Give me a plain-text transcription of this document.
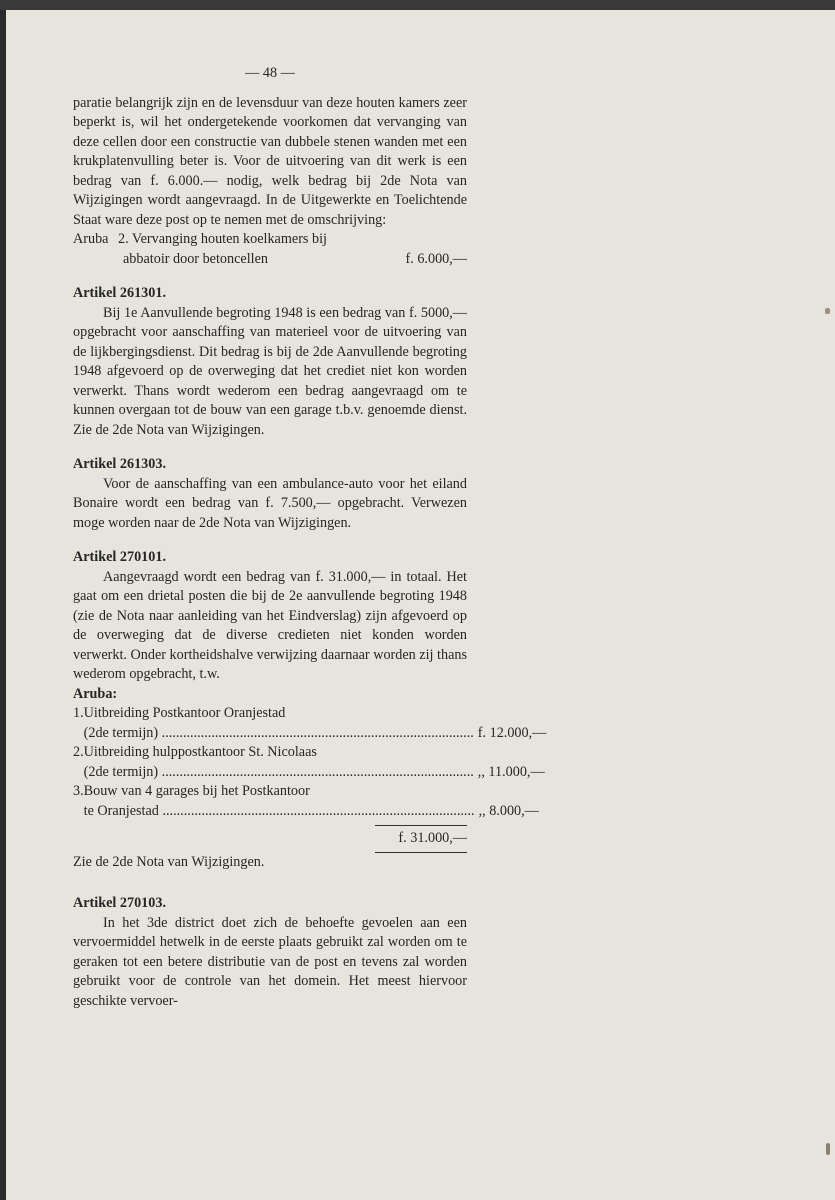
— 48 —

paratie belangrijk zijn en de levensduur van deze houten kamers zeer beperkt is, wil het ondergetekende voorkomen dat vervanging van deze cellen door een constructie van dubbele stenen wanden met een krukplatenvulling beter is. Voor de uitvoering van dit werk is een bedrag van f. 6.000.— nodig, welk bedrag bij 2de Nota van Wijzigingen wordt aangevraagd. In de Uitgewerkte en Toelichtende Staat ware deze post op te nemen met de omschrijving:

Aruba 2. Vervanging houten koelkamers bij
abbatoir door betoncellen	f. 6.000,—
Artikel 261301.

Bij 1e Aanvullende begroting 1948 is een bedrag van f. 5000,— opgebracht voor aanschaffing van materieel voor de uitvoering van de lijkbergingsdienst. Dit bedrag is bij de 2de Aanvullende begroting 1948 afgevoerd op de overweging dat het crediet niet kon worden verwerkt. Thans wordt wederom een bedrag aangevraagd om te kunnen overgaan tot de bouw van een garage t.b.v. genoemde dienst. Zie de 2de Nota van Wijzigingen.

Artikel 261303.

Voor de aanschaffing van een ambulance-auto voor het eiland Bonaire wordt een bedrag van f. 7.500,— opgebracht. Verwezen moge worden naar de 2de Nota van Wijzigingen.

Artikel 270101.

Aangevraagd wordt een bedrag van f. 31.000,— in totaal. Het gaat om een drietal posten die bij de 2e aanvullende begroting 1948 (zie de Nota naar aanleiding van het Eindverslag) zijn afgevoerd op de overweging dat de diverse credieten niet konden worden verwerkt. Onder kortheidshalve verwijzing daarnaar worden zij thans wederom opgebracht, t.w.

Aruba:
1. Uitbreiding Postkantoor Oranjestad
(2de termijn) .....	f. 12.000,—
2. Uitbreiding hulppostkantoor St. Nicolaas
(2de termijn) .....	,, 11.000,—
3. Bouw van 4 garages bij het Postkantoor
te Oranjestad .....	,, 8.000,—
f. 31.000,—

Zie de 2de Nota van Wijzigingen.

Artikel 270103.

In het 3de district doet zich de behoefte gevoelen aan een vervoermiddel hetwelk in de eerste plaats gebruikt zal worden om te geraken tot een betere distributie van de post en tevens zal worden gebruikt voor de controle van het domein. Het meest hiervoor geschikte vervoer-
